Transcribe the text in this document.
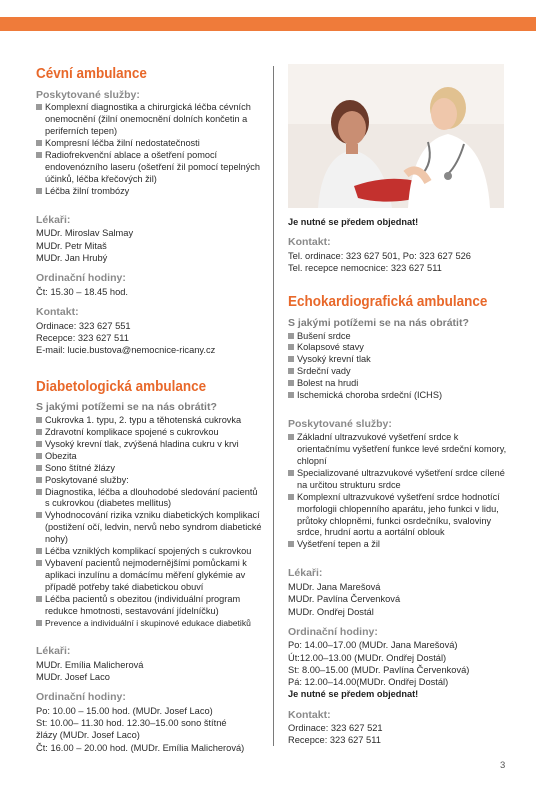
Cévní ambulance
Poskytované služby:
Komplexní diagnostika a chirurgická léčba cévních onemocnění (žilní onemocnění dolních končetin a periferních tepen)
Kompresní léčba žilní nedostatečnosti
Radiofrekvenční ablace a ošetření pomocí endovenózního laseru (ošetření žil pomocí tepelných účinků, léčba křečových žil)
Léčba žilní trombózy
Lékaři:
MUDr. Miroslav Salmay
MUDr. Petr Mitaš
MUDr. Jan Hrubý
Ordinační hodiny:
Čt: 15.30 – 18.45 hod.
Kontakt:
Ordinace: 323 627 551
Recepce: 323 627 511
E-mail: lucie.bustova@nemocnice-ricany.cz
Diabetologická ambulance
S jakými potížemi se na nás obrátit?
Cukrovka 1. typu, 2. typu a těhotenská cukrovka
Zdravotní komplikace spojené s cukrovkou
Vysoký krevní tlak, zvýšená hladina cukru v krvi
Obezita
Sono štítné žlázy
Poskytované služby:
Diagnostika, léčba a dlouhodobé sledování pacientů s cukrovkou (diabetes mellitus)
Vyhodnocování rizika vzniku diabetických komplikací (postižení očí, ledvin, nervů nebo syndrom diabetické nohy)
Léčba vzniklých komplikací spojených s cukrovkou
Vybavení pacientů nejmodernějšími pomůckami k aplikaci inzulínu a domácímu měření glykémie av případě potřeby také diabetickou obuví
Léčba pacientů s obezitou (individuální program redukce hmotnosti, sestavování jídelníčku)
Prevence a individuální i skupinové edukace diabetiků
Lékaři:
MUDr. Emília Malicherová
MUDr. Josef Laco
Ordinační hodiny:
Po: 10.00 – 15.00 hod. (MUDr. Josef Laco)
St: 10.00– 11.30 hod. 12.30–15.00 sono štítné
žlázy (MUDr. Josef Laco)
Čt: 16.00 – 20.00 hod. (MUDr. Emília Malicherová)
Je nutné se předem objednat!
Kontakt:
Tel. ordinace: 323 627 501, Po: 323 627 526
Tel. recepce nemocnice: 323 627 511
Echokardiografická ambulance
S jakými potížemi se na nás obrátit?
Bušení srdce
Kolapsové stavy
Vysoký krevní tlak
Srdeční vady
Bolest na hrudi
Ischemická choroba srdeční (ICHS)
Poskytované služby:
Základní ultrazvukové vyšetření srdce k orientačnímu vyšetření funkce levé srdeční komory, chlopní
Specializované ultrazvukové vyšetření srdce cílené na určitou strukturu srdce
Komplexní ultrazvukové vyšetření srdce hodnotící morfologii chlopenního aparátu, jeho funkci v lidu, průtoky chlopněmi, funkci osrdečníku, svaloviny srdce, hrudní aortu a aortální oblouk
Vyšetření tepen a žil
Lékaři:
MUDr. Jana Marešová
MUDr. Pavlína Červenková
MUDr. Ondřej Dostál
Ordinační hodiny:
Po: 14.00–17.00 (MUDr. Jana Marešová)
Út:12.00–13.00 (MUDr. Ondřej Dostál)
St: 8.00–15.00 (MUDr. Pavlína Červenková)
Pá: 12.00–14.00(MUDr. Ondřej Dostál)
Je nutné se předem objednat!
Kontakt:
Ordinace: 323 627 521
Recepce: 323 627 511
3
